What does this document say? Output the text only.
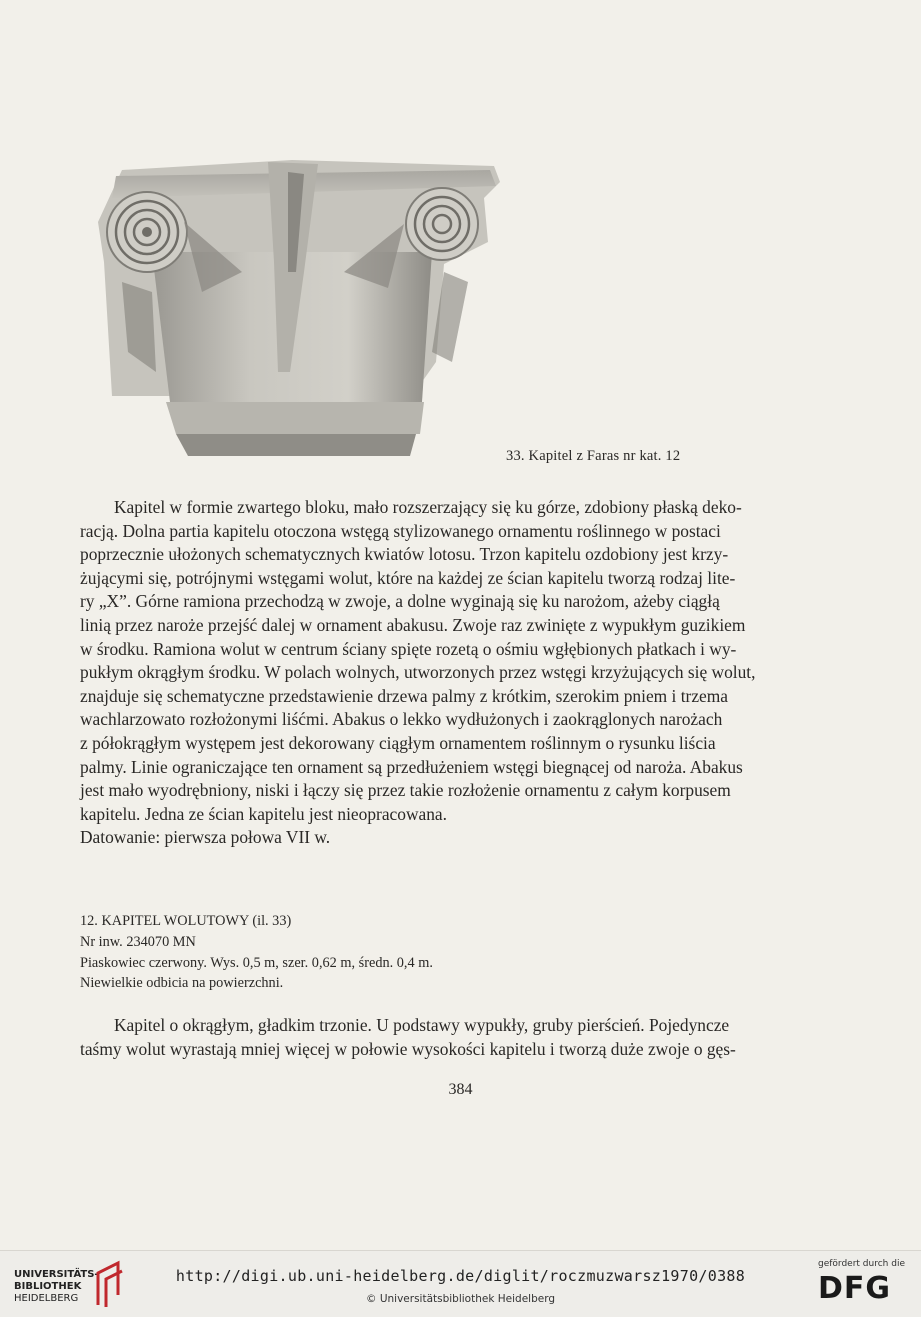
33. Kapitel z Faras nr kat. 12

Kapitel w formie zwartego bloku, mało rozszerzający się ku górze, zdobiony płaską deko-

racją. Dolna partia kapitelu otoczona wstęgą stylizowanego ornamentu roślinnego w postaci

poprzecznie ułożonych schematycznych kwiatów lotosu. Trzon kapitelu ozdobiony jest krzy-

żującymi się, potrójnymi wstęgami wolut, które na każdej ze ścian kapitelu tworzą rodzaj lite-

ry „X”. Górne ramiona przechodzą w zwoje, a dolne wyginają się ku narożom, ażeby ciągłą

linią przez naroże przejść dalej w ornament abakusu. Zwoje raz zwinięte z wypukłym guzikiem

w środku. Ramiona wolut w centrum ściany spięte rozetą o ośmiu wgłębionych płatkach i wy-

pukłym okrągłym środku. W polach wolnych, utworzonych przez wstęgi krzyżujących się wolut,

znajduje się schematyczne przedstawienie drzewa palmy z krótkim, szerokim pniem i trzema

wachlarzowato rozłożonymi liśćmi. Abakus o lekko wydłużonych i zaokrąglonych narożach

z półokrągłym występem jest dekorowany ciągłym ornamentem roślinnym o rysunku liścia

palmy. Linie ograniczające ten ornament są przedłużeniem wstęgi biegnącej od naroża. Abakus

jest mało wyodrębniony, niski i łączy się przez takie rozłożenie ornamentu z całym korpusem

kapitelu. Jedna ze ścian kapitelu jest nieopracowana.

Datowanie: pierwsza połowa VII w.

12. KAPITEL WOLUTOWY (il. 33)
Nr inw. 234070 MN
Piaskowiec czerwony. Wys. 0,5 m, szer. 0,62 m, średn. 0,4 m.
Niewielkie odbicia na powierzchni.

Kapitel o okrągłym, gładkim trzonie. U podstawy wypukły, gruby pierścień. Pojedyncze

taśmy wolut wyrastają mniej więcej w połowie wysokości kapitelu i tworzą duże zwoje o gęs-

384
UNIVERSITÄTS-
BIBLIOTHEK
HEIDELBERG
http://digi.ub.uni-heidelberg.de/diglit/roczmuzwarsz1970/0388
© Universitätsbibliothek Heidelberg
gefördert durch die
DFG
